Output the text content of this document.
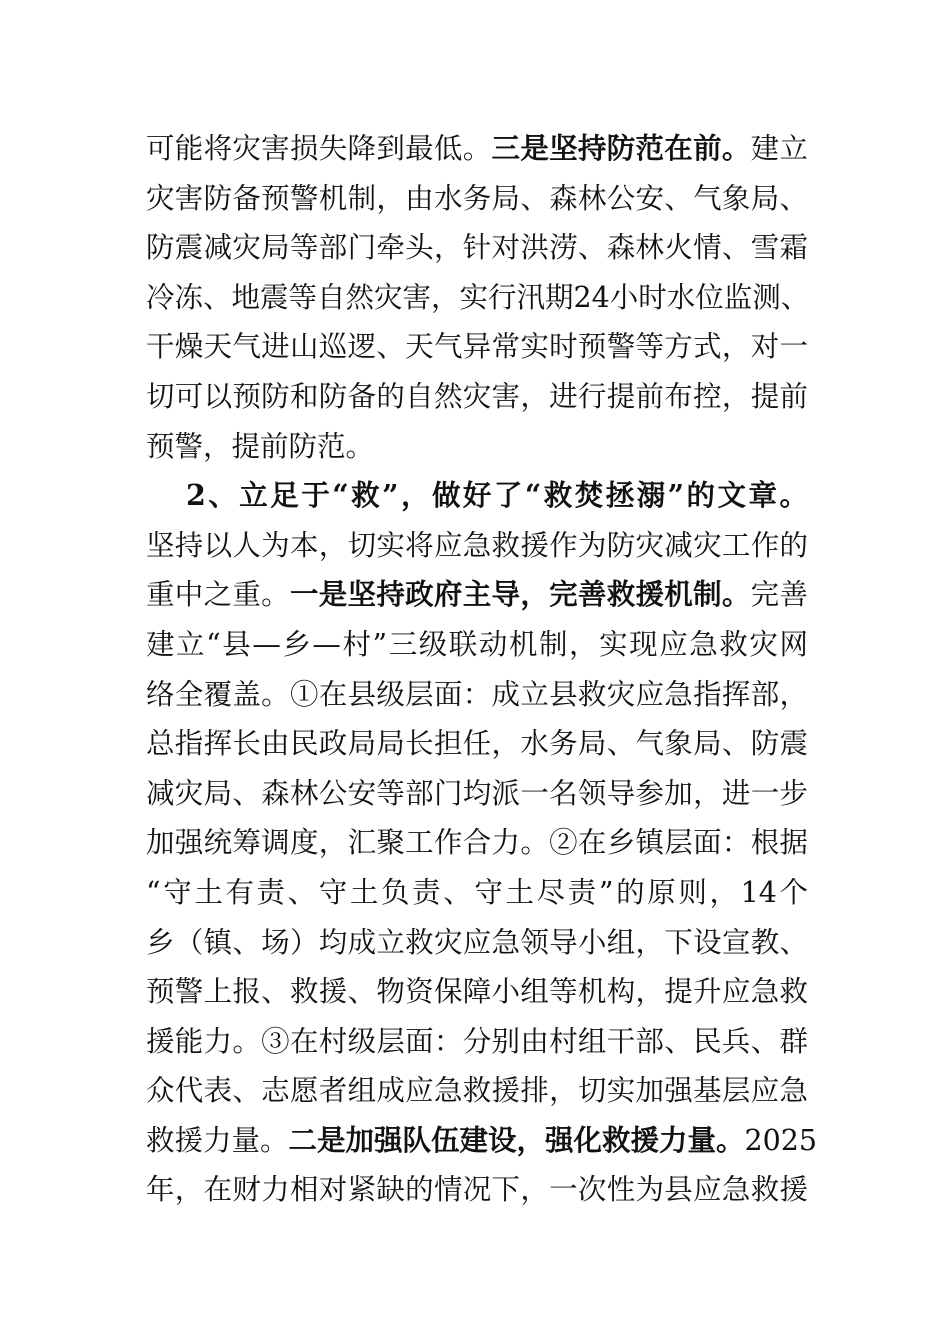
可能将灾害损失降到最低。三是坚持防范在前。建立
灾害防备预警机制，由水务局、森林公安、气象局、
防震减灾局等部门牵头，针对洪涝、森林火情、雪霜
冷冻、地震等自然灾害，实行汛期24小时水位监测、
干燥天气进山巡逻、天气异常实时预警等方式，对一
切可以预防和防备的自然灾害，进行提前布控，提前
预警，提前防范。
2、立足于“救”，做好了“救焚拯溺”的文章。
坚持以人为本，切实将应急救援作为防灾减灾工作的
重中之重。一是坚持政府主导，完善救援机制。完善
建立“县—乡—村”三级联动机制，实现应急救灾网
络全覆盖。①在县级层面：成立县救灾应急指挥部，
总指挥长由民政局局长担任，水务局、气象局、防震
减灾局、森林公安等部门均派一名领导参加，进一步
加强统筹调度，汇聚工作合力。②在乡镇层面：根据
“守土有责、守土负责、守土尽责”的原则，14个
乡（镇、场）均成立救灾应急领导小组，下设宣教、
预警上报、救援、物资保障小组等机构，提升应急救
援能力。③在村级层面：分别由村组干部、民兵、群
众代表、志愿者组成应急救援排，切实加强基层应急
救援力量。二是加强队伍建设，强化救援力量。2025
年，在财力相对紧缺的情况下，一次性为县应急救援
